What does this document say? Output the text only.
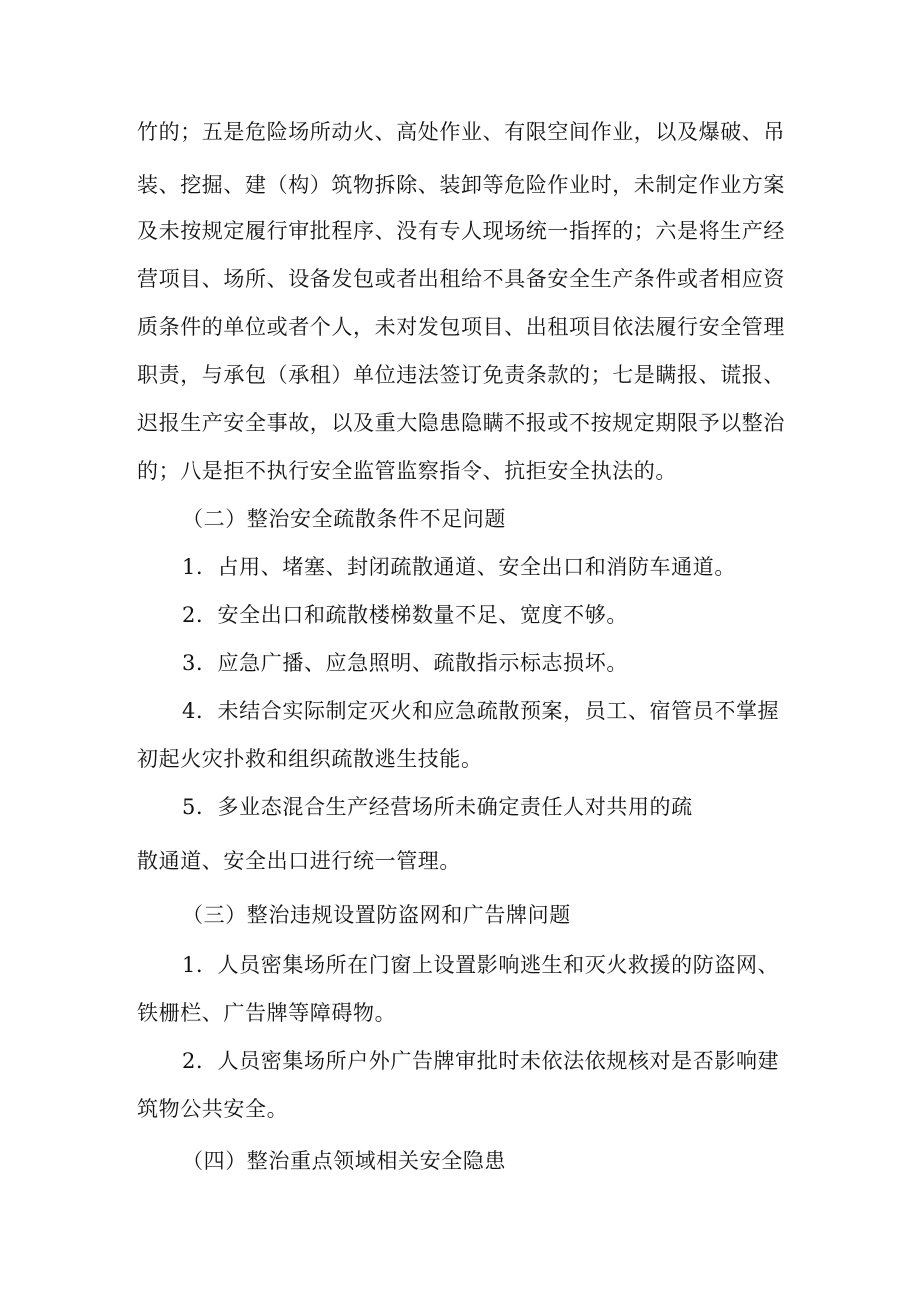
竹的；五是危险场所动火、高处作业、有限空间作业，以及爆破、吊
装、挖掘、建（构）筑物拆除、装卸等危险作业时，未制定作业方案
及未按规定履行审批程序、没有专人现场统一指挥的；六是将生产经
营项目、场所、设备发包或者出租给不具备安全生产条件或者相应资
质条件的单位或者个人，未对发包项目、出租项目依法履行安全管理
职责，与承包（承租）单位违法签订免责条款的；七是瞒报、谎报、
迟报生产安全事故，以及重大隐患隐瞒不报或不按规定期限予以整治
的；八是拒不执行安全监管监察指令、抗拒安全执法的。
（二）整治安全疏散条件不足问题
1．占用、堵塞、封闭疏散通道、安全出口和消防车通道。
2．安全出口和疏散楼梯数量不足、宽度不够。
3．应急广播、应急照明、疏散指示标志损坏。
4．未结合实际制定灭火和应急疏散预案，员工、宿管员不掌握
初起火灾扑救和组织疏散逃生技能。
5．多业态混合生产经营场所未确定责任人对共用的疏
散通道、安全出口进行统一管理。
（三）整治违规设置防盗网和广告牌问题
1．人员密集场所在门窗上设置影响逃生和灭火救援的防盗网、
铁栅栏、广告牌等障碍物。
2．人员密集场所户外广告牌审批时未依法依规核对是否影响建
筑物公共安全。
（四）整治重点领域相关安全隐患
